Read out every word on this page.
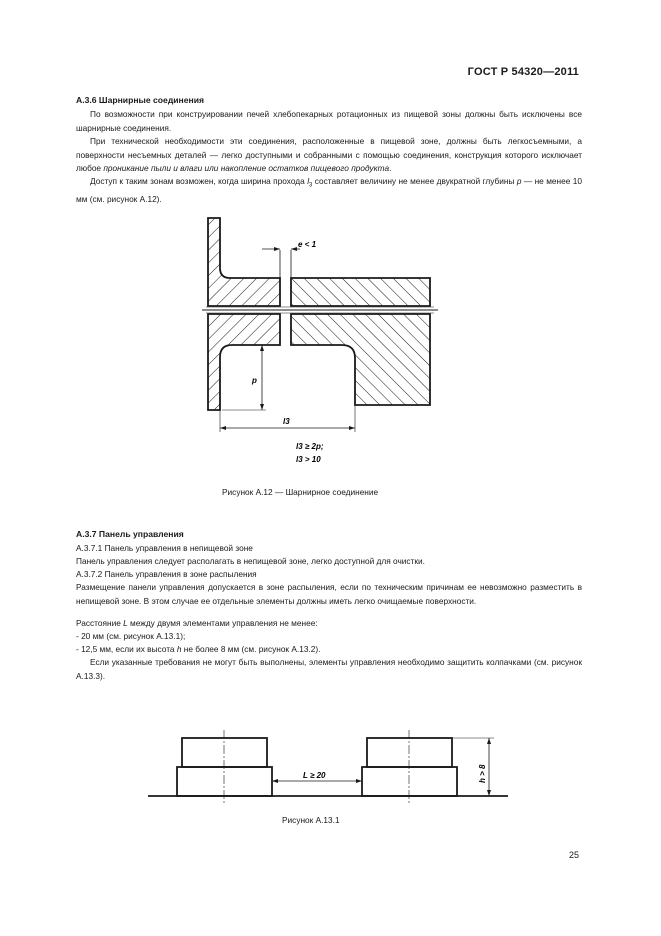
ГОСТ Р 54320—2011
А.3.6 Шарнирные соединения
По возможности при конструировании печей хлебопекарных ротационных из пищевой зоны должны быть исключены все шарнирные соединения.
При технической необходимости эти соединения, расположенные в пищевой зоне, должны быть легкосъемными, а поверхности несъемных деталей — легко доступными и собранными с помощью соединения, конструкция которого исключает любое проникание пыли и влаги или накопление остатков пищевого продукта.
Доступ к таким зонам возможен, когда ширина прохода $l_3$ составляет величину не менее двукратной глубины p — не менее 10 мм (см. рисунок А.12).
e < 1
p
l3
l3 ≥ 2p;
l3 > 10
Рисунок А.12 — Шарнирное соединение
А.3.7 Панель управления
А.3.7.1 Панель управления в непищевой зоне
Панель управления следует располагать в непищевой зоне, легко доступной для очистки.
А.3.7.2 Панель управления в зоне распыления
Размещение панели управления допускается в зоне распыления, если по техническим причинам ее невозможно разместить в непищевой зоне. В этом случае ее отдельные элементы должны иметь легко очищаемые поверхности.
Расстояние L между двумя элементами управления не менее:
- 20 мм (см. рисунок А.13.1);
- 12,5 мм, если их высота h не более 8 мм (см. рисунок А.13.2).
Если указанные требования не могут быть выполнены, элементы управления необходимо защитить колпачками (см. рисунок А.13.3).
L ≥ 20	h > 8
Рисунок А.13.1
25
